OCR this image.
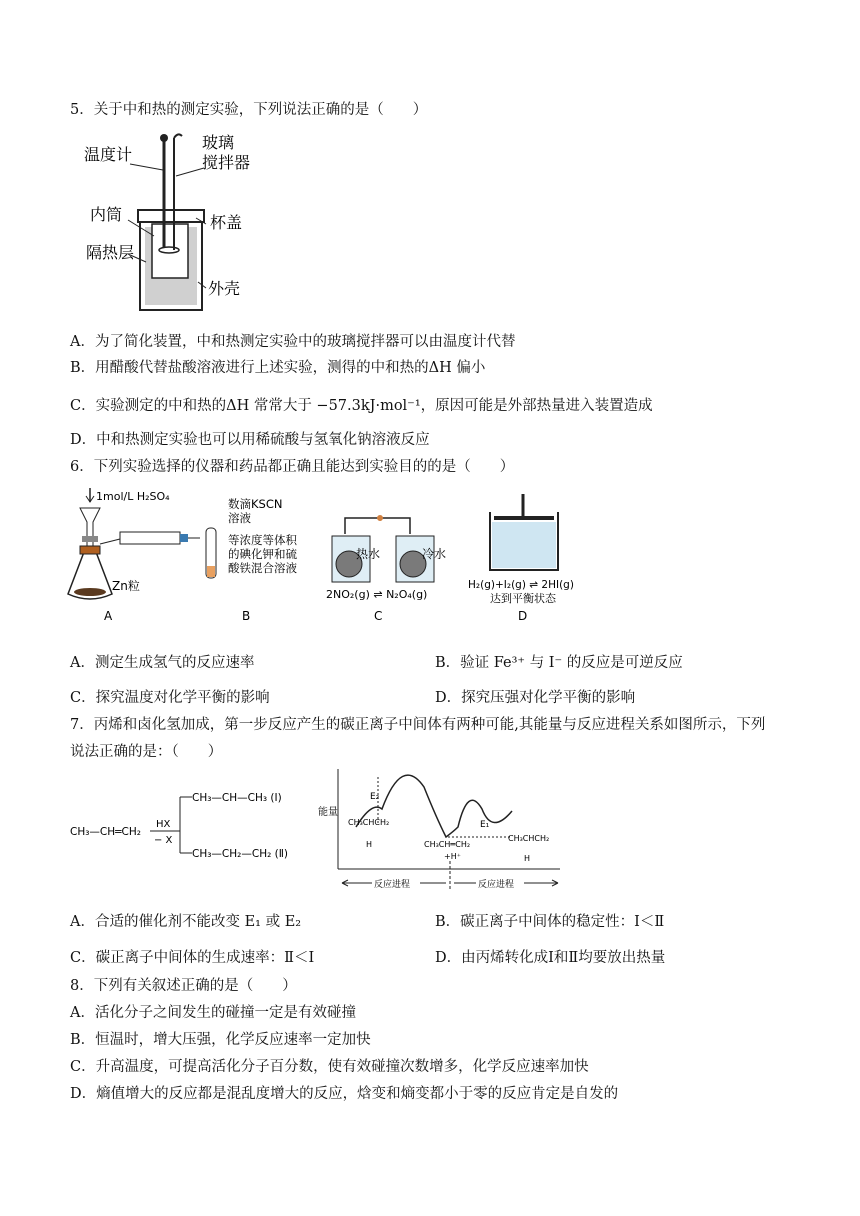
5．关于中和热的测定实验，下列说法正确的是（　　）
温度计
玻璃
搅拌器
内筒	杯盖
隔热层
外壳
A．为了简化装置，中和热测定实验中的玻璃搅拌器可以由温度计代替
B．用醋酸代替盐酸溶液进行上述实验，测得的中和热的ΔH 偏小
C．实验测定的中和热的ΔH 常常大于 −57.3kJ·mol⁻¹，原因可能是外部热量进入装置造成
D．中和热测定实验也可以用稀硫酸与氢氧化钠溶液反应
6．下列实验选择的仪器和药品都正确且能达到实验目的的是（　　）
1mol/L H₂SO₄
Zn粒
A
数滴KSCN
溶液
等浓度等体积
的碘化钾和硫
酸铁混合溶液
B
热水	冷水
2NO₂(g) ⇌ N₂O₄(g)
C
H₂(g)+I₂(g) ⇌ 2HI(g)
达到平衡状态
D
A．测定生成氢气的反应速率	B．验证 Fe³⁺ 与 I⁻ 的反应是可逆反应
C．探究温度对化学平衡的影响	D．探究压强对化学平衡的影响
7．丙烯和卤化氢加成，第一步反应产生的碳正离子中间体有两种可能,其能量与反应进程关系如图所示，下列
说法正确的是：（　　）
CH₃—CH═CH₂
HX
− X
CH₃—CH—CH₃ (Ⅰ)
CH₃—CH₂—CH₂ (Ⅱ)
能量
E₂
E₁
CH₃CHCH₂
H	CH₃CH═CH₂
+H⁺
CH₃CHCH₂
H
反应进程	反应进程
A．合适的催化剂不能改变 E₁ 或 E₂	B．碳正离子中间体的稳定性：Ⅰ＜Ⅱ
C．碳正离子中间体的生成速率：Ⅱ＜Ⅰ	D．由丙烯转化成Ⅰ和Ⅱ均要放出热量
8．下列有关叙述正确的是（　　）
A．活化分子之间发生的碰撞一定是有效碰撞
B．恒温时，增大压强，化学反应速率一定加快
C．升高温度，可提高活化分子百分数，使有效碰撞次数增多，化学反应速率加快
D．熵值增大的反应都是混乱度增大的反应，焓变和熵变都小于零的反应肯定是自发的
